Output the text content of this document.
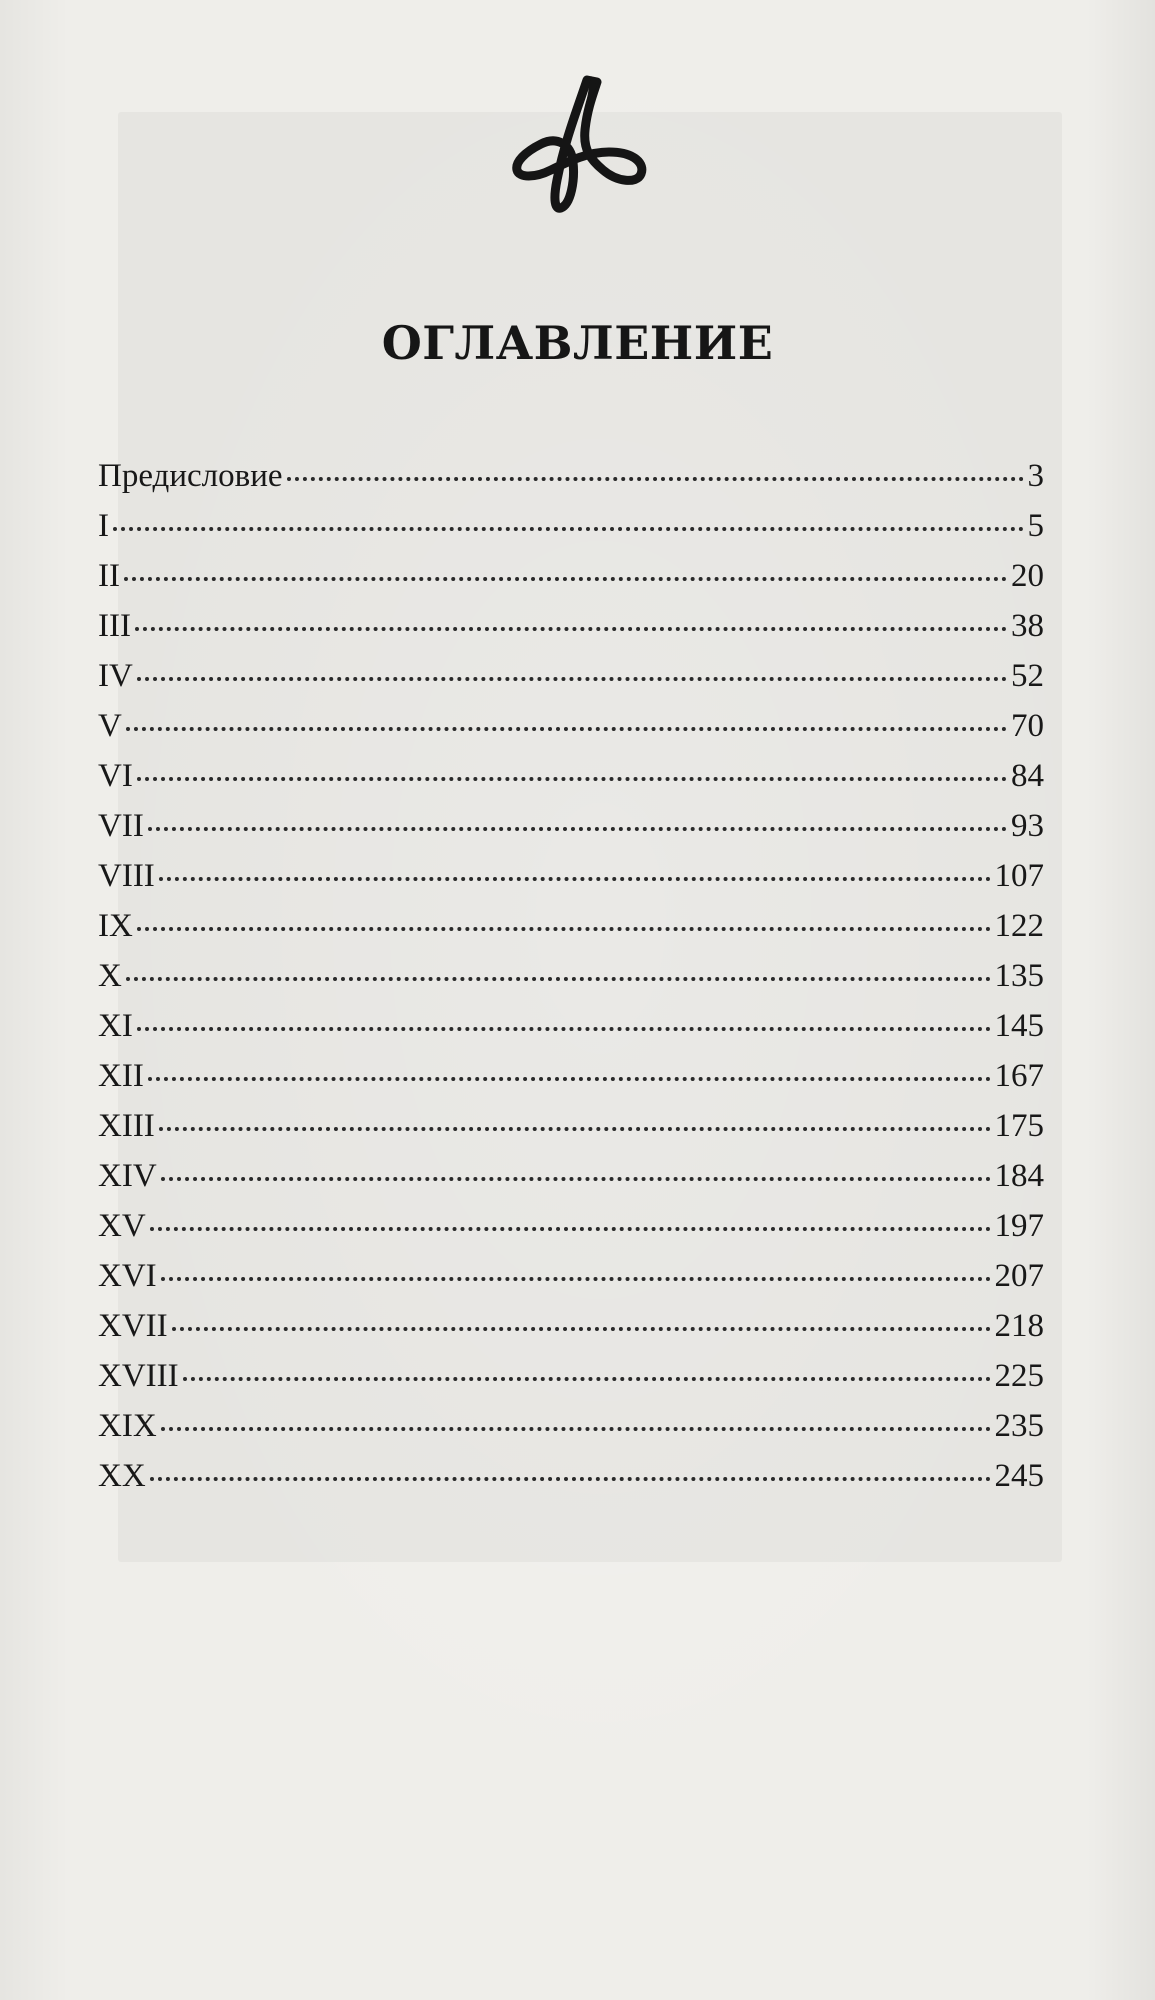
ОГЛАВЛЕНИЕ
Предисловие	3
I	5
II	20
III	38
IV	52
V	70
VI	84
VII	93
VIII	107
IX	122
X	135
XI	145
XII	167
XIII	175
XIV	184
XV	197
XVI	207
XVII	218
XVIII	225
XIX	235
XX	245
